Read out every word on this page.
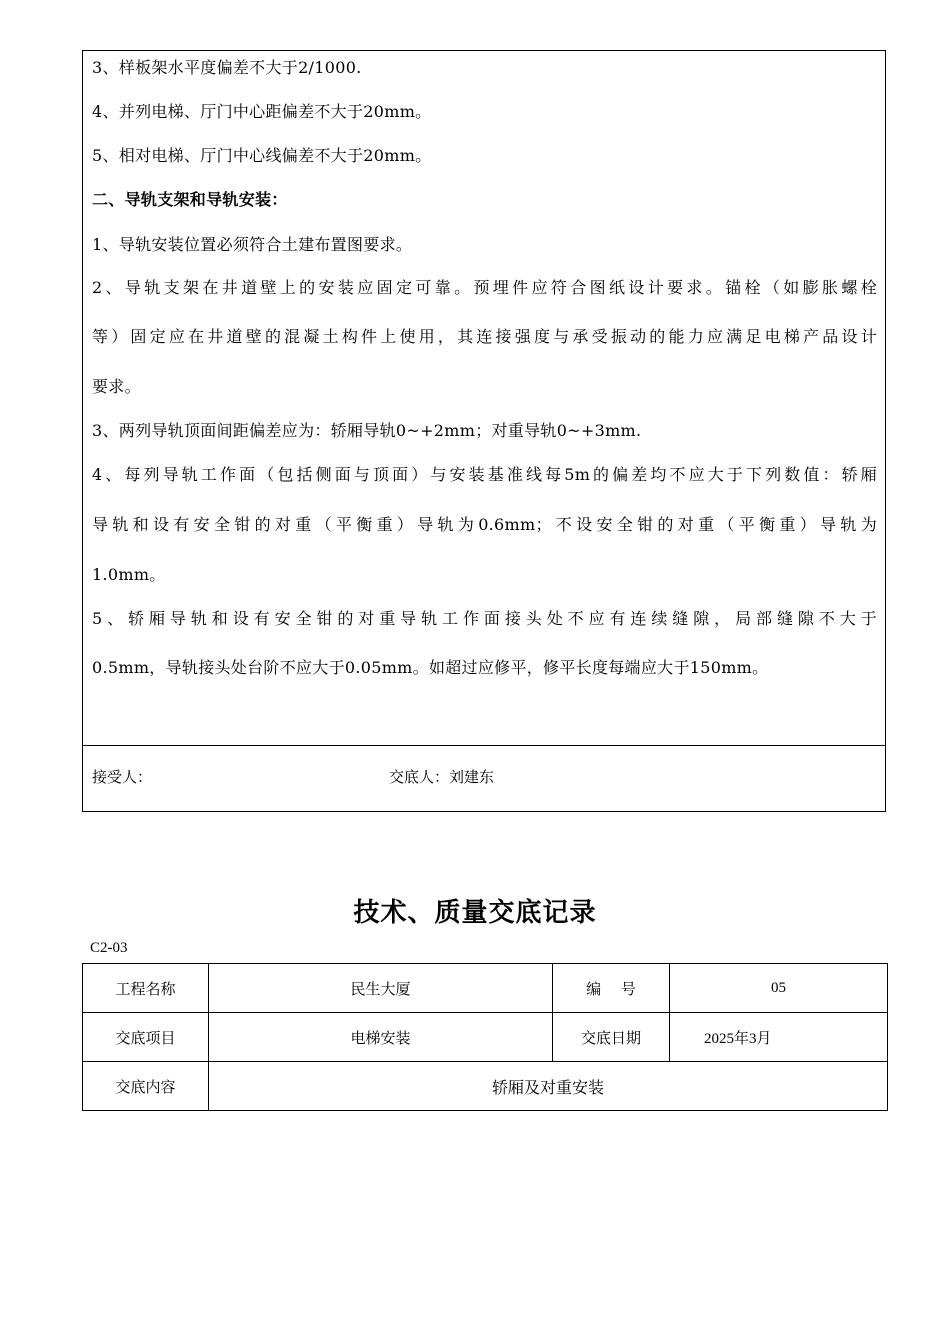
3、样板架水平度偏差不大于2/1000.
4、并列电梯、厅门中心距偏差不大于20mm。
5、相对电梯、厅门中心线偏差不大于20mm。
二、导轨支架和导轨安装：
1、导轨安装位置必须符合土建布置图要求。
2、导轨支架在井道壁上的安装应固定可靠。预埋件应符合图纸设计要求。锚栓（如膨胀螺栓
等）固定应在井道壁的混凝土构件上使用，其连接强度与承受振动的能力应满足电梯产品设计
要求。
3、两列导轨顶面间距偏差应为：轿厢导轨0~+2mm；对重导轨0~+3mm.
4、每列导轨工作面（包括侧面与顶面）与安装基准线每5m的偏差均不应大于下列数值：轿厢
导轨和设有安全钳的对重（平衡重）导轨为0.6mm；不设安全钳的对重（平衡重）导轨为
1.0mm。
5、轿厢导轨和设有安全钳的对重导轨工作面接头处不应有连续缝隙，局部缝隙不大于
0.5mm，导轨接头处台阶不应大于0.05mm。如超过应修平，修平长度每端应大于150mm。
接受人：	交底人：刘建东
技术、质量交底记录
C2-03
工程名称	民生大厦	编　 号	05
交底项目	电梯安装	交底日期	2025年3月
交底内容	轿厢及对重安装		
